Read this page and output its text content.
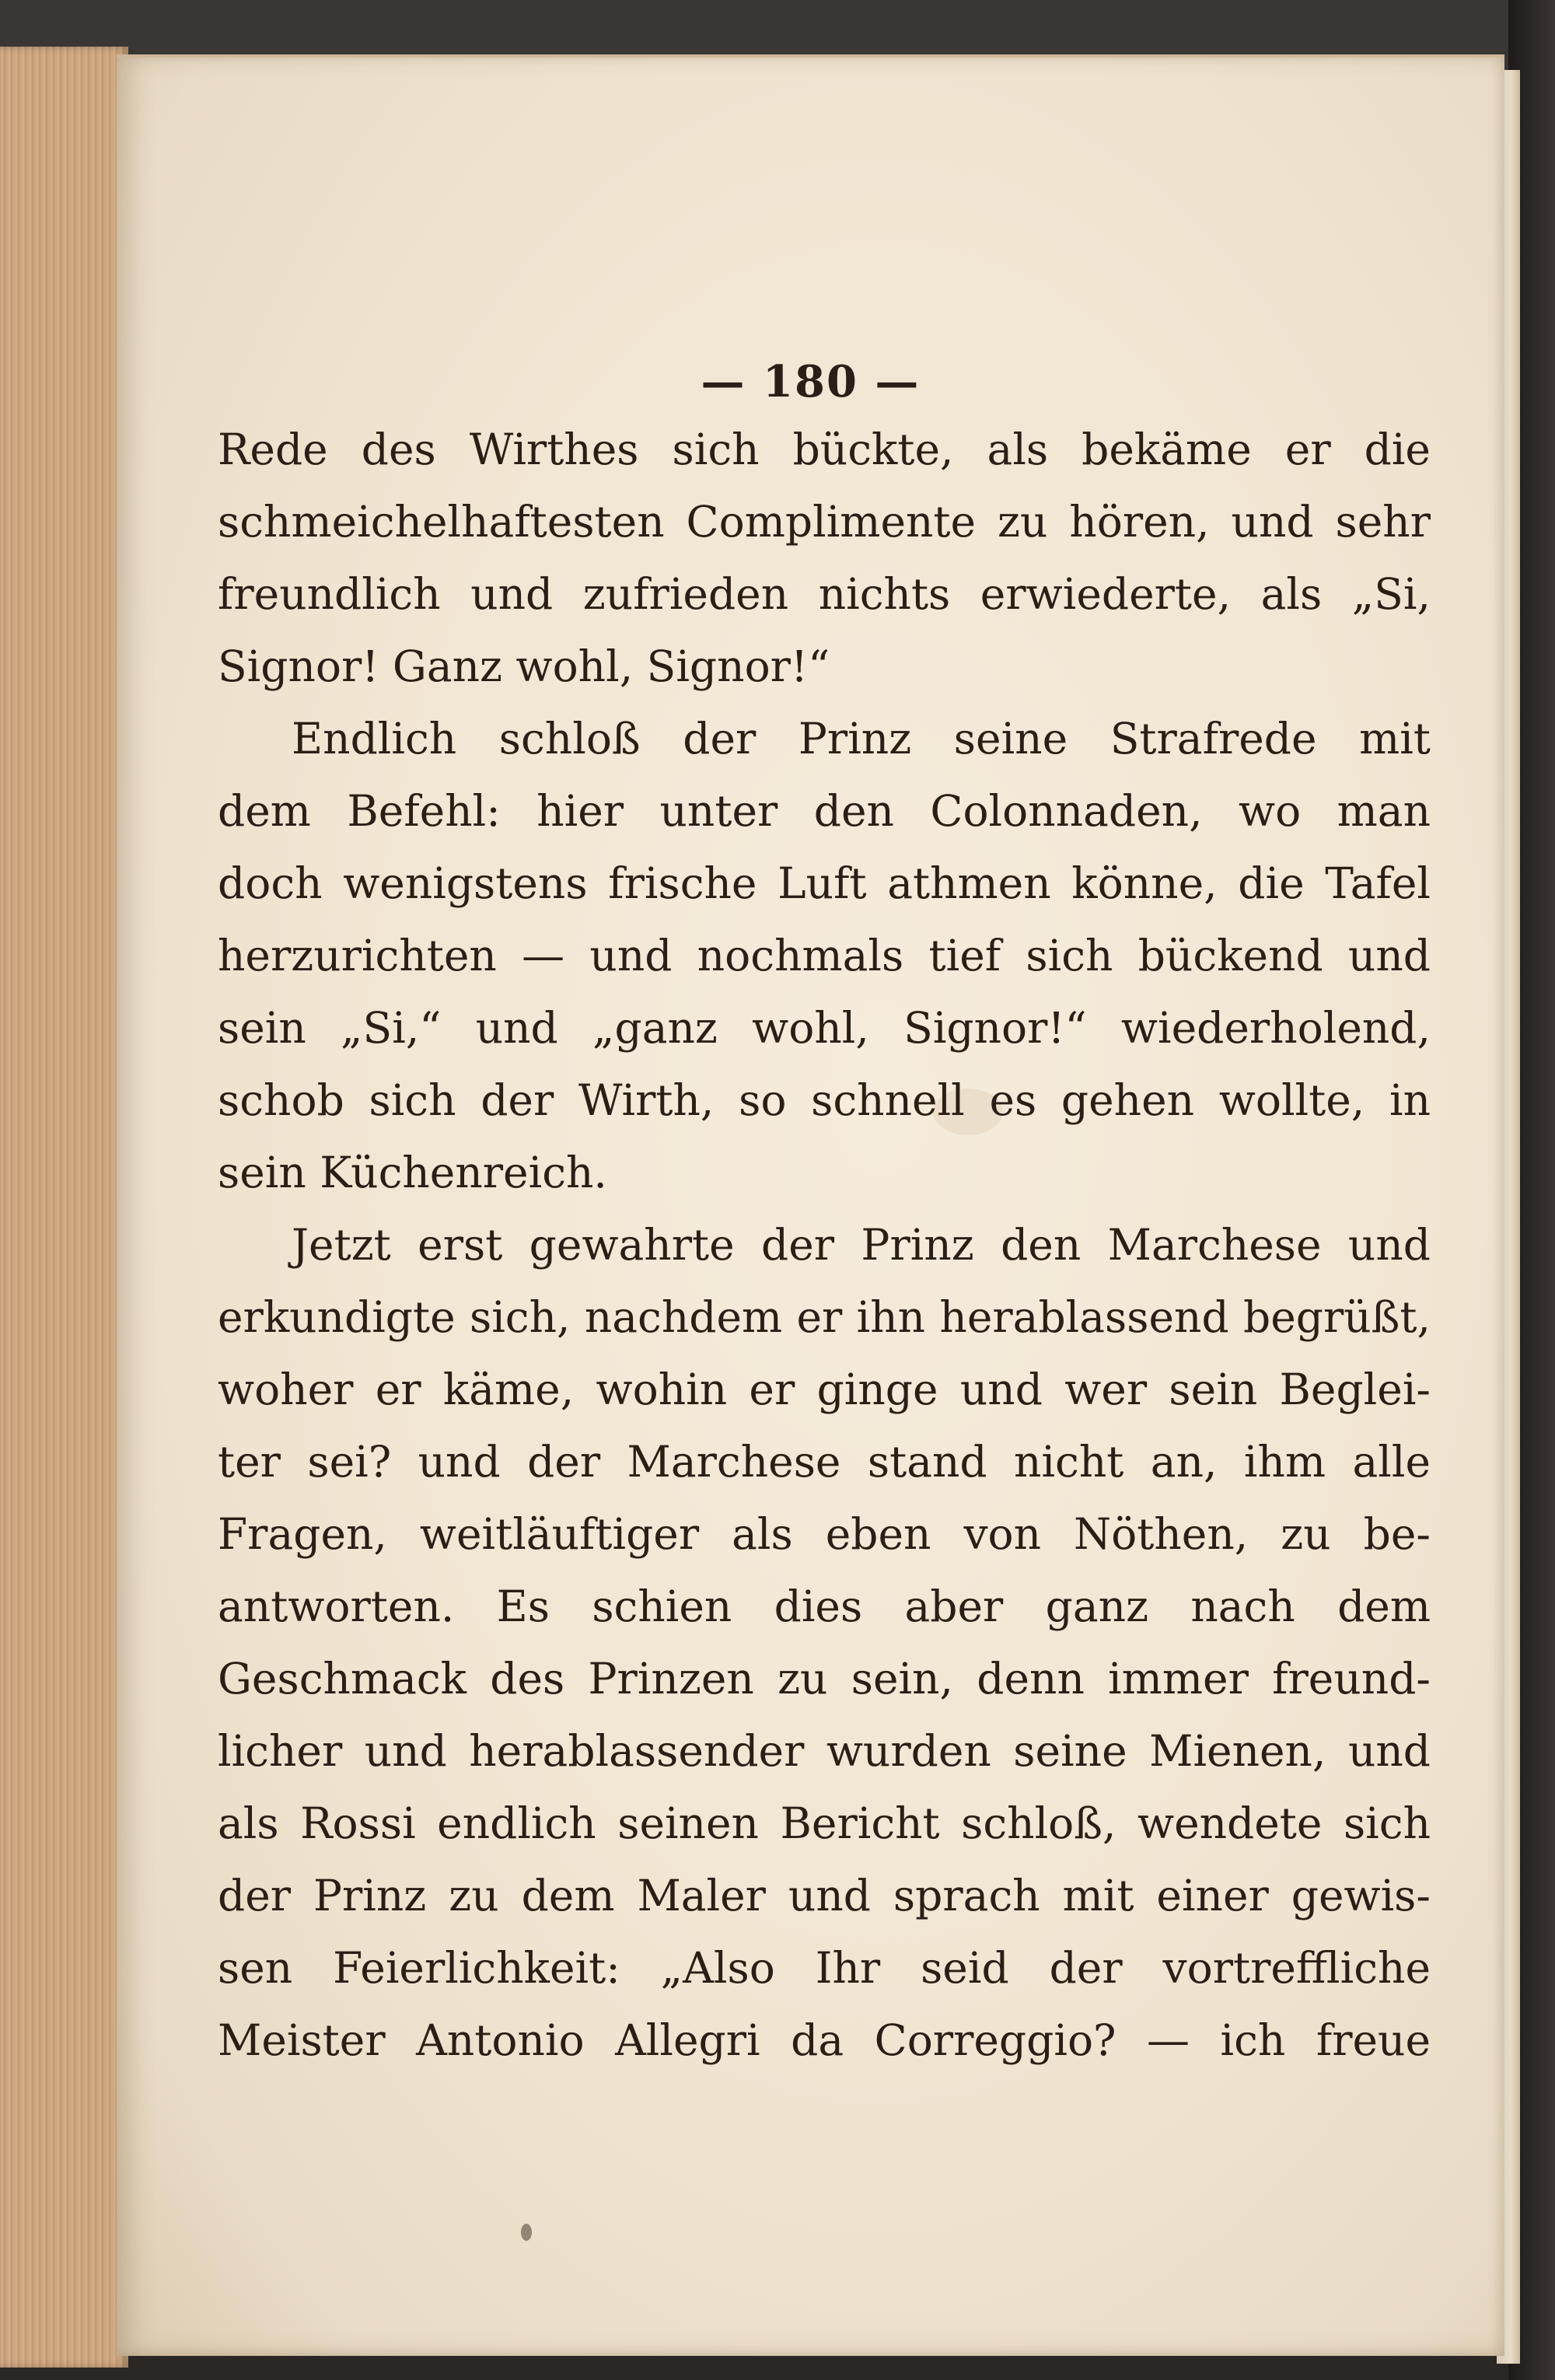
— 180 —
Rede des Wirthes sich bückte, als bekäme er die
schmeichelhaftesten Complimente zu hören, und sehr
freundlich und zufrieden nichts erwiederte, als „Si,
Signor! Ganz wohl, Signor!“
Endlich schloß der Prinz seine Strafrede mit
dem Befehl: hier unter den Colonnaden, wo man
doch wenigstens frische Luft athmen könne, die Tafel
herzurichten — und nochmals tief sich bückend und
sein „Si,“ und „ganz wohl, Signor!“ wiederholend,
schob sich der Wirth, so schnell es gehen wollte, in
sein Küchenreich.
Jetzt erst gewahrte der Prinz den Marchese und
erkundigte sich, nachdem er ihn herablassend begrüßt,
woher er käme, wohin er ginge und wer sein Beglei-
ter sei? und der Marchese stand nicht an, ihm alle
Fragen, weitläuftiger als eben von Nöthen, zu be-
antworten. Es schien dies aber ganz nach dem
Geschmack des Prinzen zu sein, denn immer freund-
licher und herablassender wurden seine Mienen, und
als Rossi endlich seinen Bericht schloß, wendete sich
der Prinz zu dem Maler und sprach mit einer gewis-
sen Feierlichkeit: „Also Ihr seid der vortreffliche
Meister Antonio Allegri da Correggio? — ich freue
